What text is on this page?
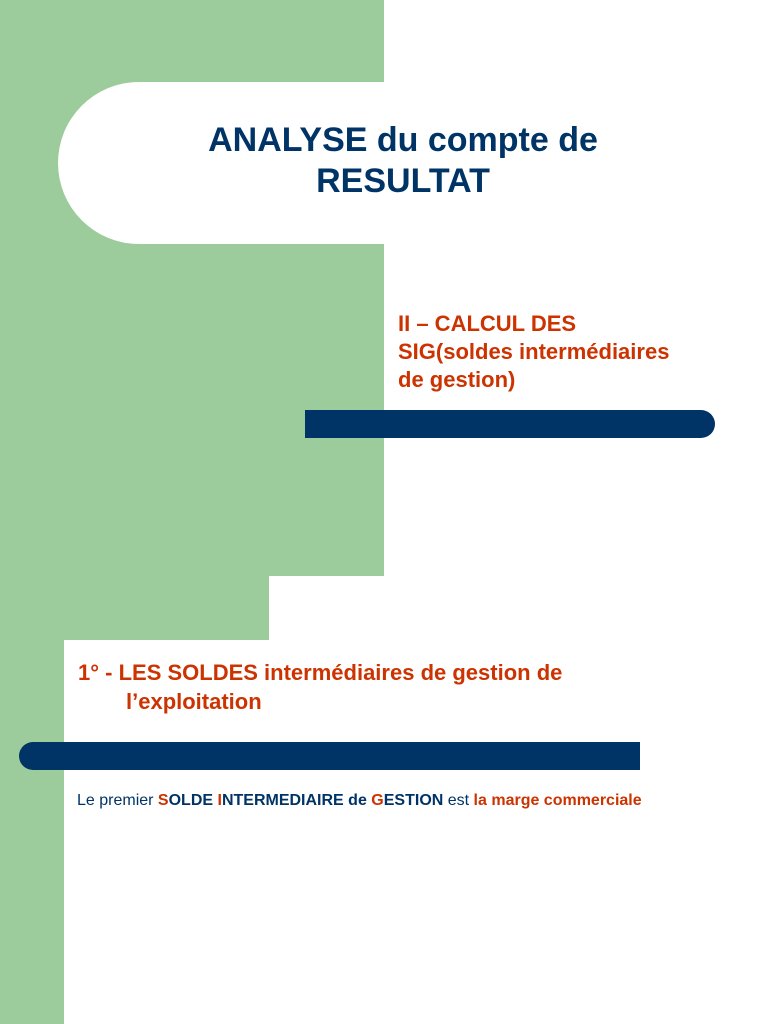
ANALYSE du compte de
RESULTAT
II – CALCUL DES
SIG(soldes intermédiaires
de gestion)
1° - LES SOLDES intermédiaires de gestion de
l’exploitation

Le premier SOLDE INTERMEDIAIRE de GESTION est la marge commerciale
